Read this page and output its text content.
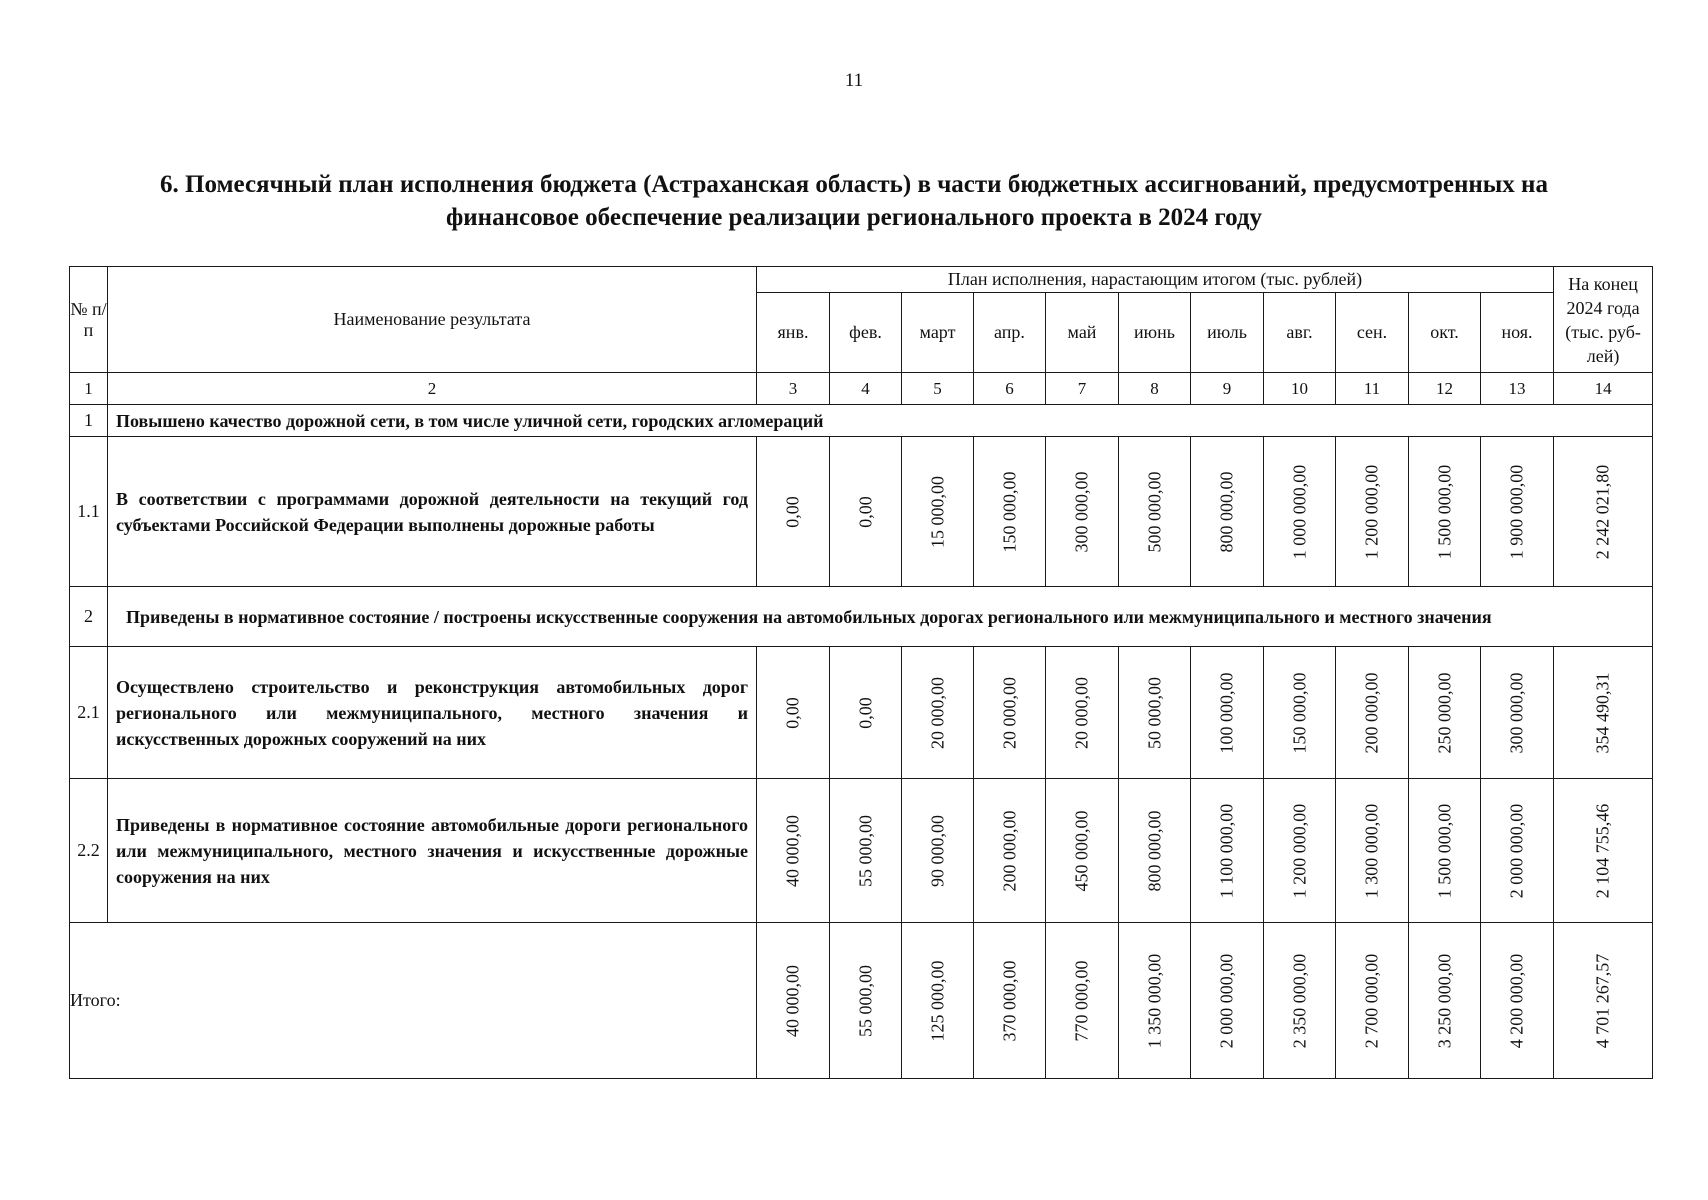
11
6. Помесячный план исполнения бюджета (Астраханская область) в части бюджетных ассигнований, предусмотренных на
финансовое обеспечение реализации регионального проекта в 2024 году
№ п/п	Наименование результата	План исполнения, нарастающим итогом (тыс. рублей)											На конец 2024 года (тыс. руб- лей)
		янв.	фев.	март	апр.	май	июнь	июль	авг.	сен.	окт.	ноя.	
1	2	3	4	5	6	7	8	9	10	11	12	13	14
1	Повышено качество дорожной сети, в том числе уличной сети, городских агломераций												
1.1	В соответствии с программами дорожной деятельности на текущий год субъектами Российской Федерации выполнены дорожные работы	0,00	0,00	15 000,00	150 000,00	300 000,00	500 000,00	800 000,00	1 000 000,00	1 200 000,00	1 500 000,00	1 900 000,00	2 242 021,80

2	Приведены в нормативное состояние / построены искусственные сооружения на автомобильных дорогах регионального или межмуниципального и местного значения												
2.1	Осуществлено строительство и реконструкция автомобильных дорог регионального или межмуниципального, местного значения и искусственных дорожных сооружений на них	0,00	0,00	20 000,00	20 000,00	20 000,00	50 000,00	100 000,00	150 000,00	200 000,00	250 000,00	300 000,00	354 490,31

2.2	Приведены в нормативное состояние автомобильные дороги регионального или межмуниципального, местного значения и искусственные дорожные сооружения на них	40 000,00	55 000,00	90 000,00	200 000,00	450 000,00	800 000,00	1 100 000,00	1 200 000,00	1 300 000,00	1 500 000,00	2 000 000,00	2 104 755,46

Итого:		40 000,00	55 000,00	125 000,00	370 000,00	770 000,00	1 350 000,00	2 000 000,00	2 350 000,00	2 700 000,00	3 250 000,00	4 200 000,00	4 701 267,57
